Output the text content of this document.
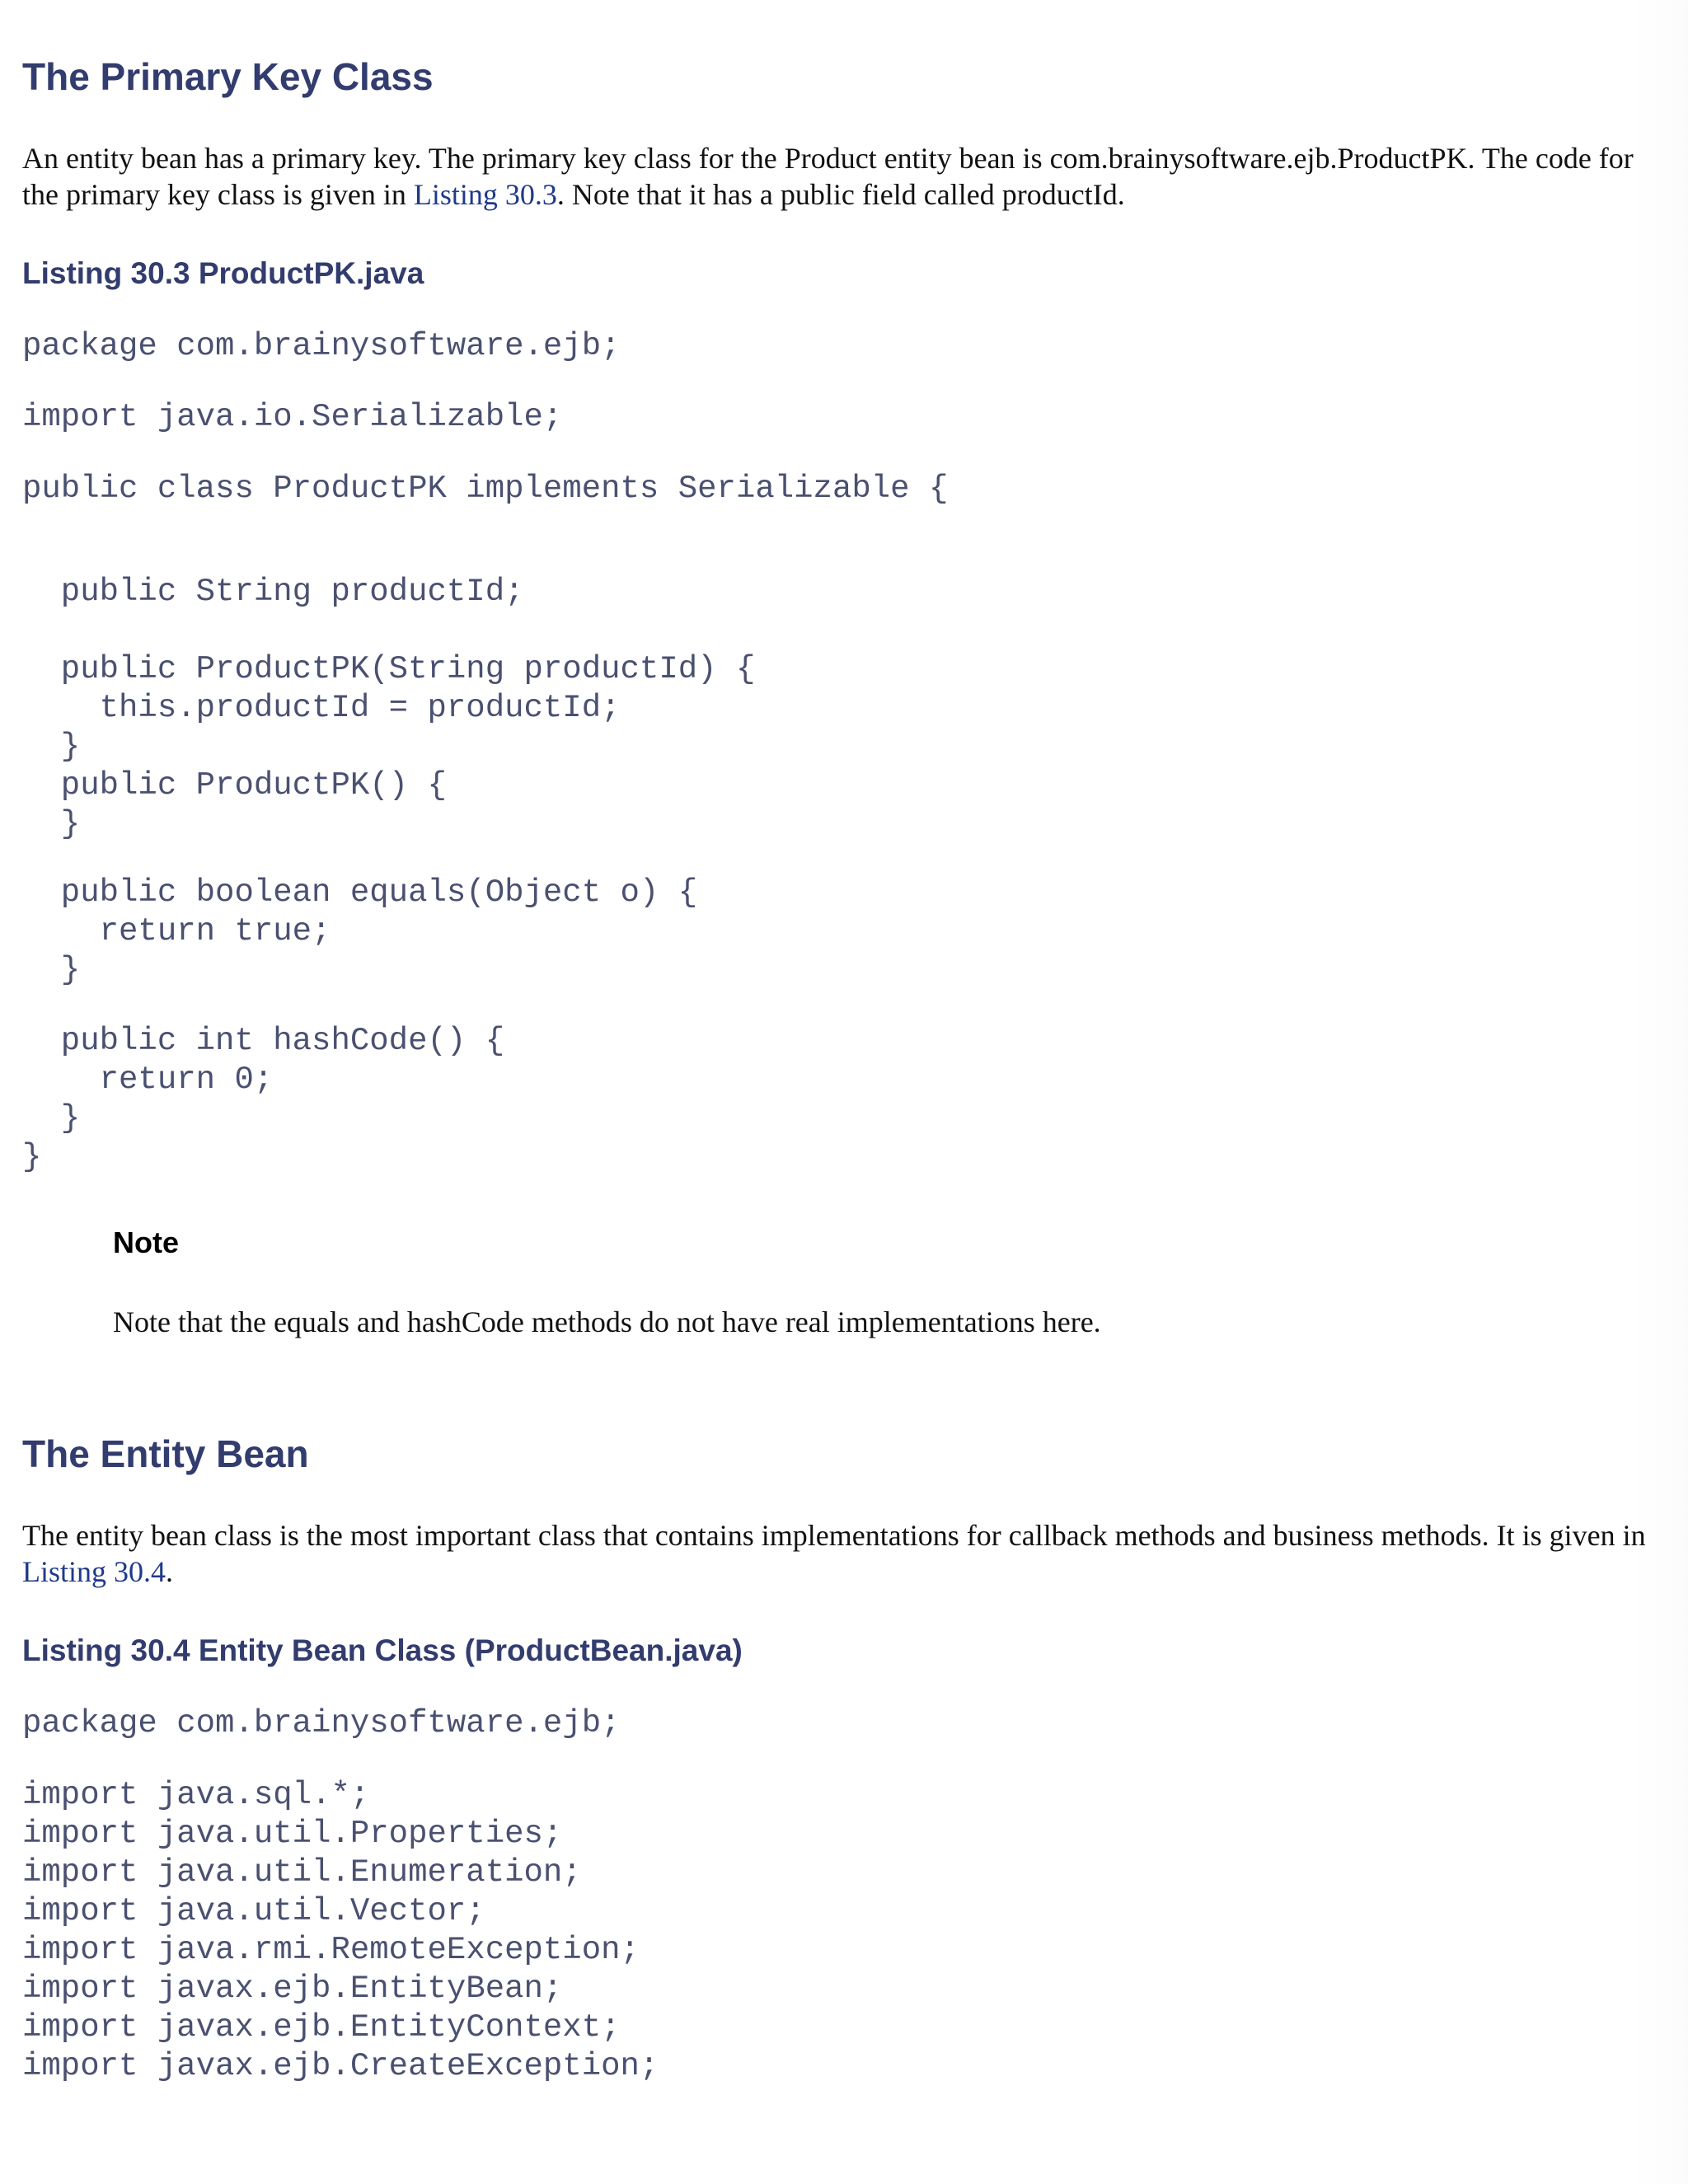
The Primary Key Class

An entity bean has a primary key. The primary key class for the Product entity bean is com.brainysoftware.ejb.ProductPK. The code for the primary key class is given in Listing 30.3. Note that it has a public field called productId.

Listing 30.3 ProductPK.java
package com.brainysoftware.ejb;
import java.io.Serializable;
public class ProductPK implements Serializable {
public String productId;
public ProductPK(String productId) {
this.productId = productId;
}
public ProductPK() {
}
public boolean equals(Object o) {
return true;
}
public int hashCode() {
return 0;
}
}
Note

Note that the equals and hashCode methods do not have real implementations here.

The Entity Bean

The entity bean class is the most important class that contains implementations for callback methods and business methods. It is given in Listing 30.4.

Listing 30.4 Entity Bean Class (ProductBean.java)
package com.brainysoftware.ejb;
import java.sql.*;
import java.util.Properties;
import java.util.Enumeration;
import java.util.Vector;
import java.rmi.RemoteException;
import javax.ejb.EntityBean;
import javax.ejb.EntityContext;
import javax.ejb.CreateException;
